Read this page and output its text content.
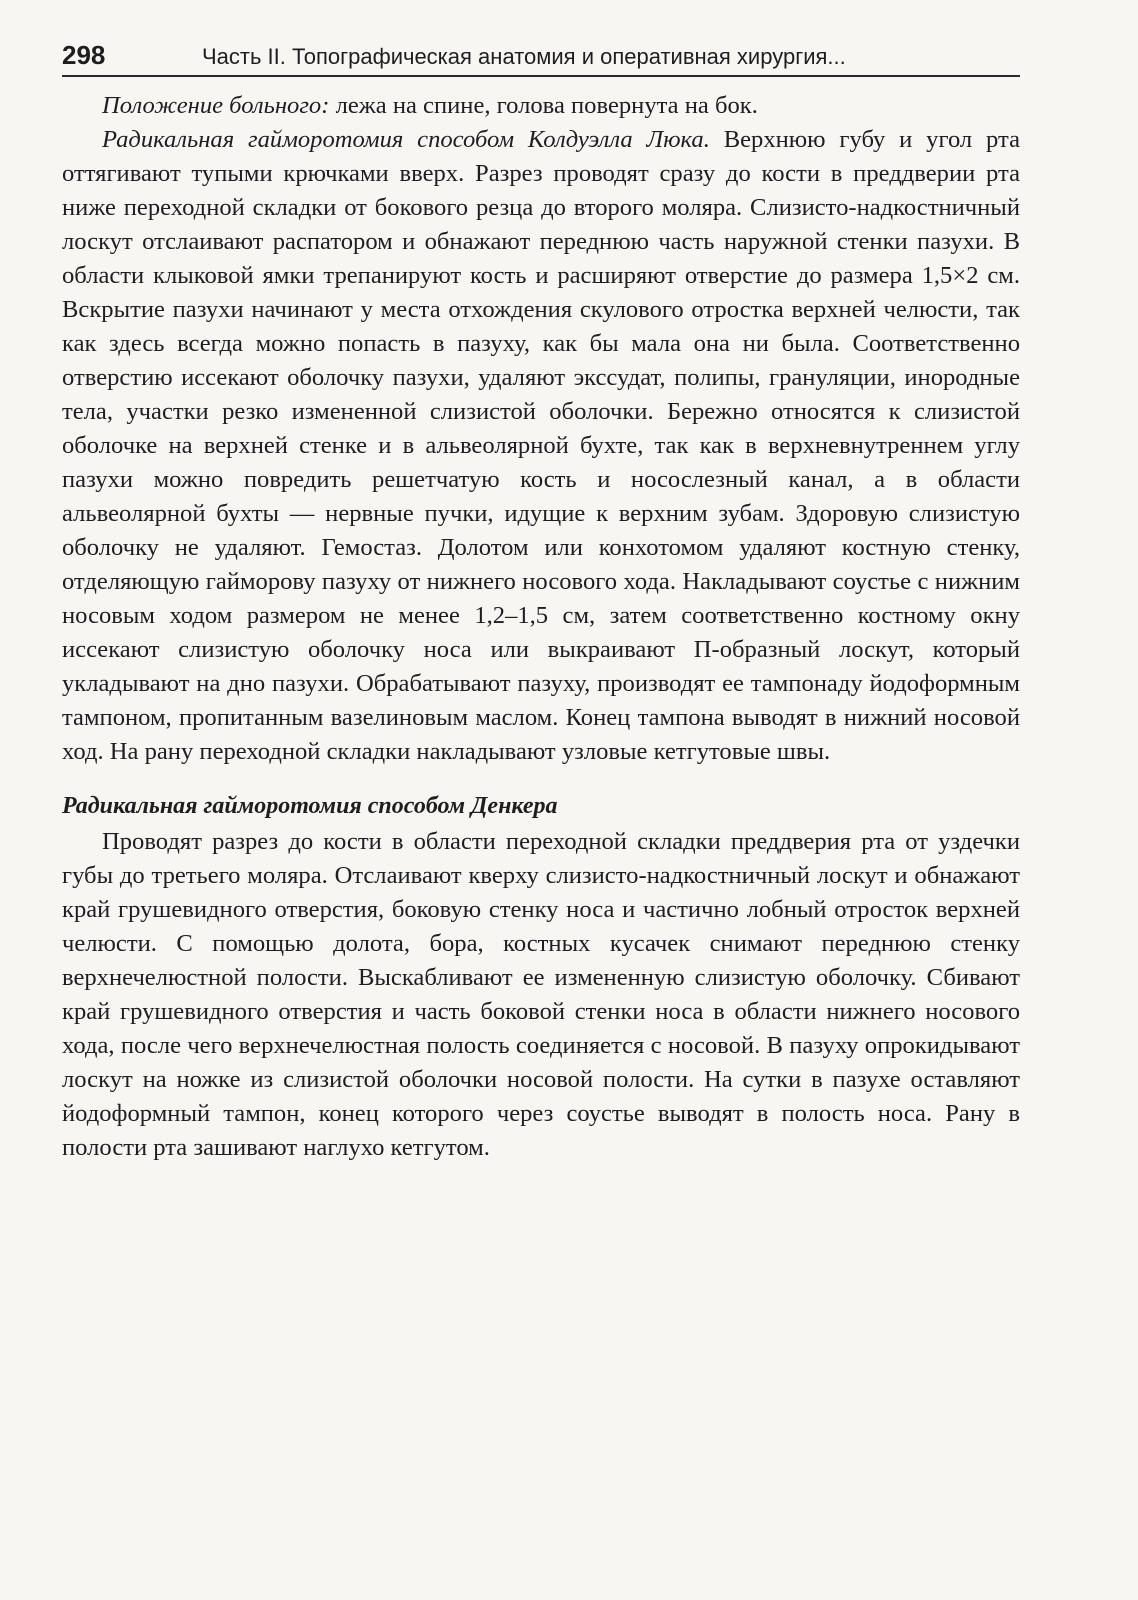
298	Часть II. Топографическая анатомия и оперативная хирургия...

Положение больного: лежа на спине, голова повернута на бок.

Радикальная гайморотомия способом Колдуэлла Люка. Верхнюю губу и угол рта оттягивают тупыми крючками вверх. Разрез проводят сразу до кости в преддверии рта ниже переходной складки от бокового резца до второго моляра. Слизисто-надкостничный лоскут отслаивают распатором и обнажают переднюю часть наружной стенки пазухи. В области клыковой ямки трепанируют кость и расширяют отверстие до размера 1,5×2 см. Вскрытие пазухи начинают у места отхождения скулового отростка верхней челюсти, так как здесь всегда можно попасть в пазуху, как бы мала она ни была. Соответственно отверстию иссекают оболочку пазухи, удаляют экссудат, полипы, грануляции, инородные тела, участки резко измененной слизистой оболочки. Бережно относятся к слизистой оболочке на верхней стенке и в альвеолярной бухте, так как в верхневнутреннем углу пазухи можно повредить решетчатую кость и носослезный канал, а в области альвеолярной бухты — нервные пучки, идущие к верхним зубам. Здоровую слизистую оболочку не удаляют. Гемостаз. Долотом или конхотомом удаляют костную стенку, отделяющую гайморову пазуху от нижнего носового хода. Накладывают соустье с нижним носовым ходом размером не менее 1,2–1,5 см, затем соответственно костному окну иссекают слизистую оболочку носа или выкраивают П-образный лоскут, который укладывают на дно пазухи. Обрабатывают пазуху, производят ее тампонаду йодоформным тампоном, пропитанным вазелиновым маслом. Конец тампона выводят в нижний носовой ход. На рану переходной складки накладывают узловые кетгутовые швы.

Радикальная гайморотомия способом Денкера

Проводят разрез до кости в области переходной складки преддверия рта от уздечки губы до третьего моляра. Отслаивают кверху слизисто-надкостничный лоскут и обнажают край грушевидного отверстия, боковую стенку носа и частично лобный отросток верхней челюсти. С помощью долота, бора, костных кусачек снимают переднюю стенку верхнечелюстной полости. Выскабливают ее измененную слизистую оболочку. Сбивают край грушевидного отверстия и часть боковой стенки носа в области нижнего носового хода, после чего верхнечелюстная полость соединяется с носовой. В пазуху опрокидывают лоскут на ножке из слизистой оболочки носовой полости. На сутки в пазухе оставляют йодоформный тампон, конец которого через соустье выводят в полость носа. Рану в полости рта зашивают наглухо кетгутом.
